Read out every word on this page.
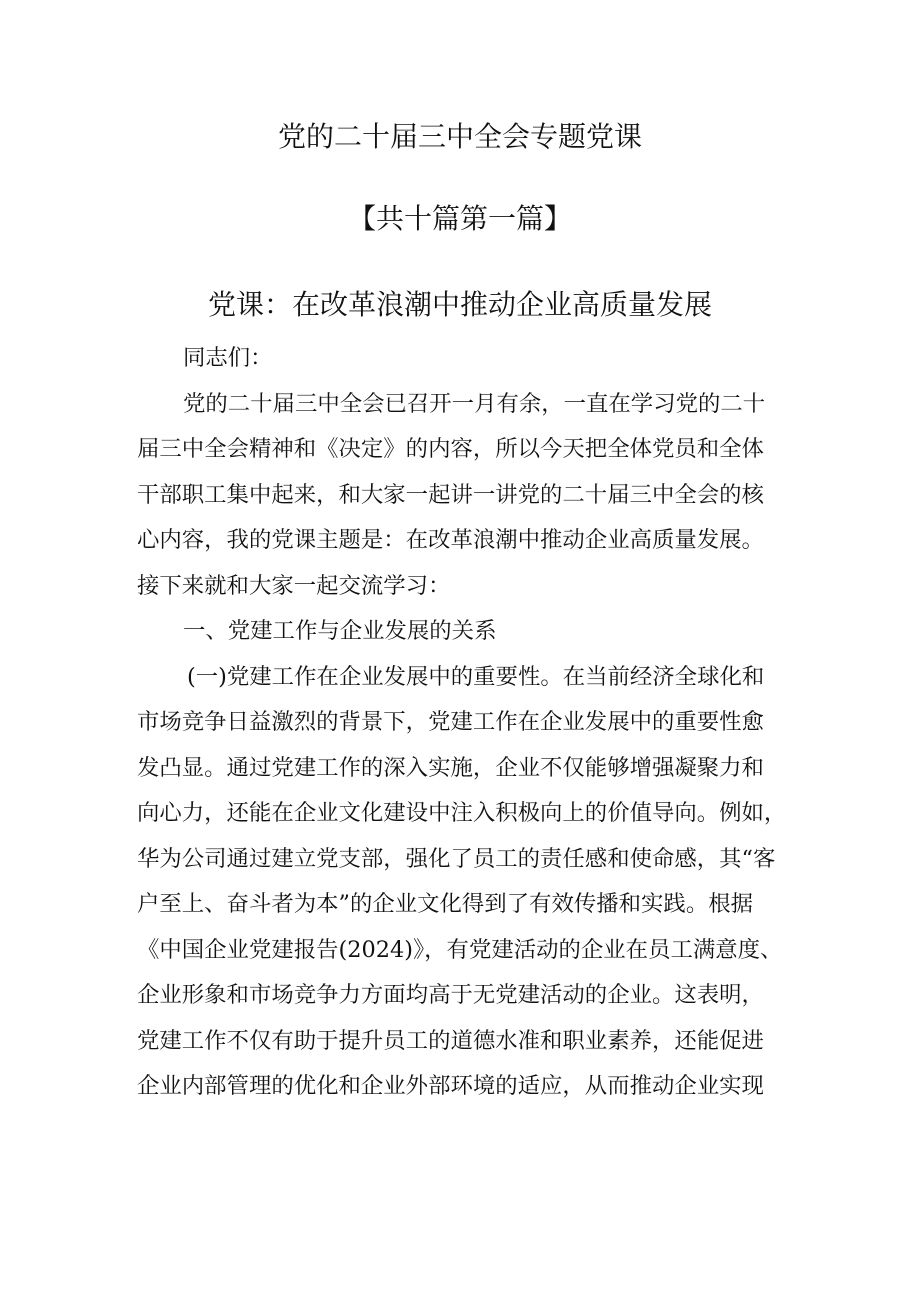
党的二十届三中全会专题党课
【共十篇第一篇】
党课：在改革浪潮中推动企业高质量发展
同志们：
党的二十届三中全会已召开一月有余，一直在学习党的二十
届三中全会精神和《决定》的内容，所以今天把全体党员和全体
干部职工集中起来，和大家一起讲一讲党的二十届三中全会的核
心内容，我的党课主题是：在改革浪潮中推动企业高质量发展。
接下来就和大家一起交流学习：
一、党建工作与企业发展的关系
(一)党建工作在企业发展中的重要性。在当前经济全球化和
市场竞争日益激烈的背景下，党建工作在企业发展中的重要性愈
发凸显。通过党建工作的深入实施，企业不仅能够增强凝聚力和
向心力，还能在企业文化建设中注入积极向上的价值导向。例如，
华为公司通过建立党支部，强化了员工的责任感和使命感，其“客
户至上、奋斗者为本”的企业文化得到了有效传播和实践。根据
《中国企业党建报告(2024)》，有党建活动的企业在员工满意度、
企业形象和市场竞争力方面均高于无党建活动的企业。这表明，
党建工作不仅有助于提升员工的道德水准和职业素养，还能促进
企业内部管理的优化和企业外部环境的适应，从而推动企业实现
